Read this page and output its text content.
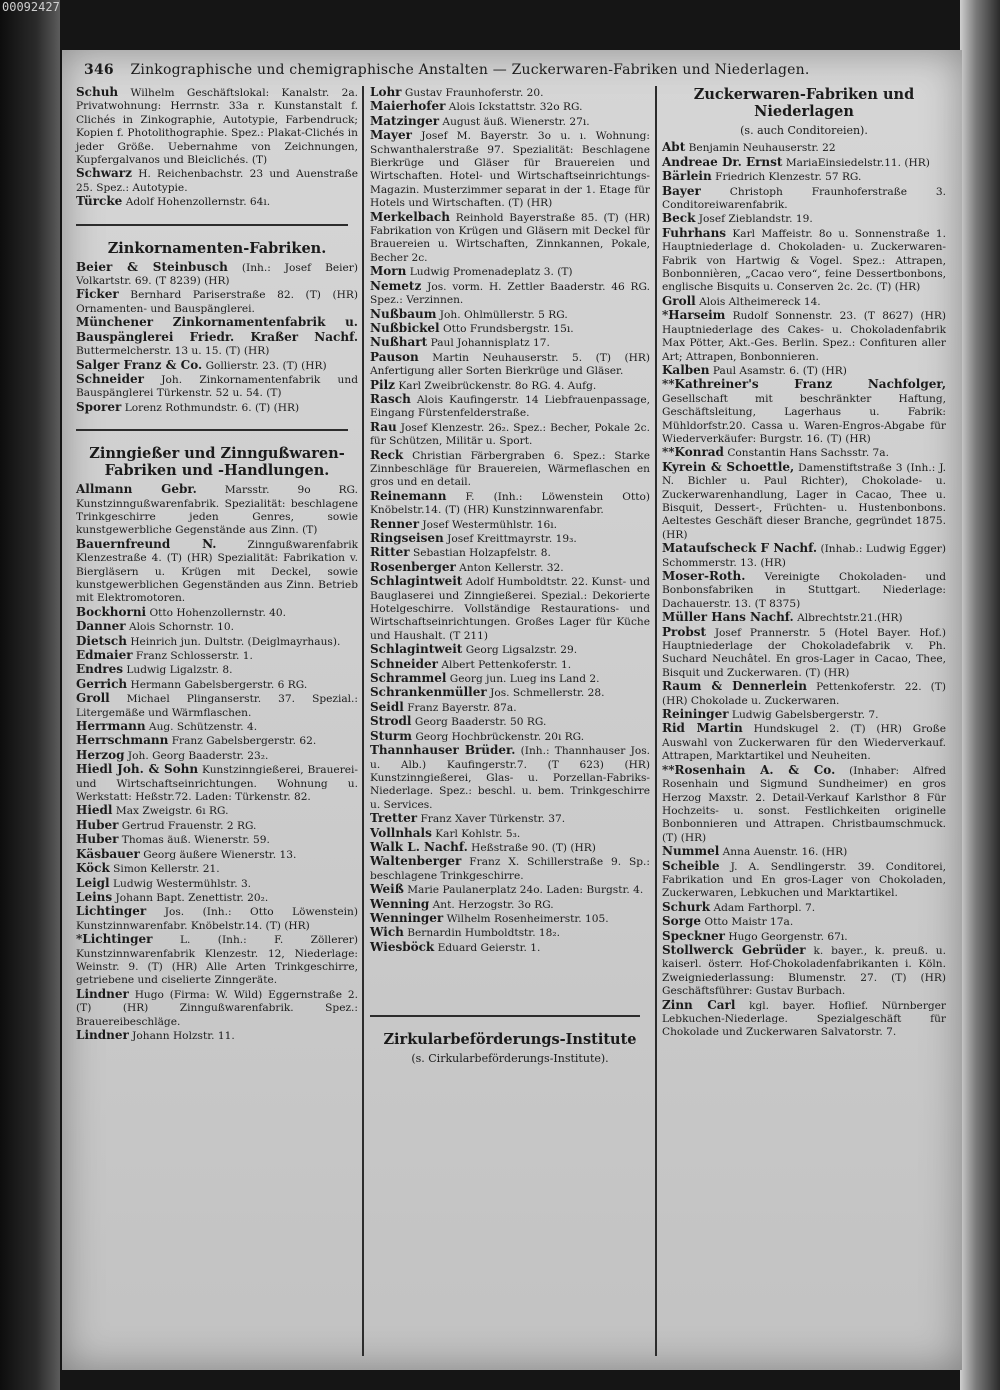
00092427
346 Zinkographische und chemigraphische Anstalten — Zuckerwaren-Fabriken und Niederlagen.

Schuh Wilhelm Geschäftslokal: Kanalstr. 2a. Privatwohnung: Herrnstr. 33a r. Kunstanstalt f. Clichés in Zinkographie, Autotypie, Farbendruck; Kopien f. Photolithographie. Spez.: Plakat-Clichés in jeder Größe. Uebernahme von Zeichnungen, Kupfergalvanos und Bleiclichés. (T)

Schwarz H. Reichenbachstr. 23 und Auenstraße 25. Spez.: Autotypie.

Türcke Adolf Hohenzollernstr. 64ı.

Zinkornamenten-Fabriken.

Beier & Steinbusch (Inh.: Josef Beier) Volkartstr. 69. (T 8239) (HR)

Ficker Bernhard Pariserstraße 82. (T) (HR) Ornamenten- und Bauspänglerei.

Münchener Zinkornamentenfabrik u. Bauspänglerei Friedr. Kraßer Nachf. Buttermelcherstr. 13 u. 15. (T) (HR)

Salger Franz & Co. Gollierstr. 23. (T) (HR)

Schneider Joh. Zinkornamentenfabrik und Bauspänglerei Türkenstr. 52 u. 54. (T)

Sporer Lorenz Rothmundstr. 6. (T) (HR)

Zinngießer und Zinngußwaren-Fabriken und -Handlungen.

Allmann Gebr.	Marsstr. 9o RG. Kunstzinngußwarenfabrik. Spezialität: beschlagene Trinkgeschirre jeden Genres, sowie kunstgewerbliche Gegenstände aus Zinn. (T)

Bauernfreund N.	Zinngußwarenfabrik Klenzestraße 4. (T) (HR) Spezialität: Fabrikation v. Biergläsern u. Krügen mit Deckel, sowie kunstgewerblichen Gegenständen aus Zinn. Betrieb mit Elektromotoren.

Bockhorni Otto Hohenzollernstr. 40.

Danner Alois Schornstr. 10.

Dietsch Heinrich jun. Dultstr. (Deiglmayrhaus).

Edmaier Franz Schlosserstr. 1.

Endres Ludwig Ligalzstr. 8.

Gerrich Hermann Gabelsbergerstr. 6 RG.

Groll Michael Plinganserstr. 37. Spezial.: Litergemäße und Wärmflaschen.

Herrmann Aug. Schützenstr. 4.

Herrschmann Franz Gabelsbergerstr. 62.

Herzog Joh. Georg Baaderstr. 23₂.

Hiedl Joh. & Sohn Kunstzinngießerei, Brauerei- und Wirtschaftseinrichtungen. Wohnung u. Werkstatt: Heßstr.72. Laden: Türkenstr. 82.

Hiedl Max Zweigstr. 6ı RG.

Huber Gertrud Frauenstr. 2 RG.

Huber Thomas äuß. Wienerstr. 59.

Käsbauer Georg äußere Wienerstr. 13.

Köck Simon Kellerstr. 21.

Leigl Ludwig Westermühlstr. 3.

Leins Johann Bapt. Zenettistr. 20₂.

Lichtinger Jos. (Inh.: Otto Löwenstein) Kunstzinnwarenfabr. Knöbelstr.14. (T) (HR)

*Lichtinger	L. (Inh.: F. Zöllerer) Kunstzinnwarenfabrik Klenzestr. 12, Niederlage: Weinstr. 9. (T) (HR) Alle Arten Trinkgeschirre, getriebene und ciselierte Zinngeräte.

Lindner Hugo (Firma: W. Wild) Eggernstraße 2. (T) (HR) Zinngußwarenfabrik. Spez.: Brauereibeschläge.

Lindner Johann Holzstr. 11.

Lohr Gustav Fraunhoferstr. 20.

Maierhofer Alois Ickstattstr. 32o RG.

Matzinger August äuß. Wienerstr. 27ı.

Mayer Josef M. Bayerstr. 3o u. ı. Wohnung: Schwanthalerstraße 97. Spezialität: Beschlagene Bierkrüge und Gläser für Brauereien und Wirtschaften. Hotel- und Wirtschaftseinrichtungs-Magazin. Musterzimmer separat in der 1. Etage für Hotels und Wirtschaften. (T) (HR)

Merkelbach Reinhold Bayerstraße 85. (T) (HR) Fabrikation von Krügen und Gläsern mit Deckel für Brauereien u. Wirtschaften, Zinnkannen, Pokale, Becher 2c.

Morn Ludwig Promenadeplatz 3. (T)

Nemetz Jos. vorm. H. Zettler Baaderstr. 46 RG. Spez.: Verzinnen.

Nußbaum Joh. Ohlmüllerstr. 5 RG.

Nußbickel Otto Frundsbergstr. 15ı.

Nußhart Paul Johannisplatz 17.

Pauson Martin Neuhauserstr. 5. (T) (HR) Anfertigung aller Sorten Bierkrüge und Gläser.

Pilz Karl Zweibrückenstr. 8o RG. 4. Aufg.

Rasch Alois Kaufingerstr. 14 Liebfrauenpassage, Eingang Fürstenfelderstraße.

Rau Josef Klenzestr. 26₂. Spez.: Becher, Pokale 2c. für Schützen, Militär u. Sport.

Reck Christian Färbergraben 6. Spez.: Starke Zinnbeschläge für Brauereien, Wärmeflaschen en gros und en detail.

Reinemann F. (Inh.: Löwenstein Otto) Knöbelstr.14. (T) (HR) Kunstzinnwarenfabr.

Renner Josef Westermühlstr. 16ı.

Ringseisen Josef Kreittmayrstr. 19₃.

Ritter Sebastian Holzapfelstr. 8.

Rosenberger Anton Kellerstr. 32.

Schlagintweit Adolf Humboldtstr. 22. Kunst- und Bauglaserei und Zinngießerei. Spezial.: Dekorierte Hotelgeschirre. Vollständige Restaurations- und Wirtschaftseinrichtungen. Großes Lager für Küche und Haushalt. (T 211)

Schlagintweit Georg Ligsalzstr. 29.

Schneider Albert Pettenkoferstr. 1.

Schrammel Georg jun. Lueg ins Land 2.

Schrankenmüller Jos. Schmellerstr. 28.

Seidl Franz Bayerstr. 87a.

Strodl Georg Baaderstr. 50 RG.

Sturm Georg Hochbrückenstr. 20ı RG.

Thannhauser Brüder. (Inh.: Thannhauser Jos. u. Alb.) Kaufingerstr.7. (T 623) (HR) Kunstzinngießerei, Glas- u. Porzellan-Fabriks-Niederlage. Spez.: beschl. u. bem. Trinkgeschirre u. Services.

Tretter Franz Xaver Türkenstr. 37.

Vollnhals Karl Kohlstr. 5₃.

Walk L. Nachf. Heßstraße 90. (T) (HR)

Waltenberger Franz X. Schillerstraße 9. Sp.: beschlagene Trinkgeschirre.

Weiß Marie Paulanerplatz 24o. Laden: Burgstr. 4.

Wenning Ant. Herzogstr. 3o RG.

Wenninger Wilhelm Rosenheimerstr. 105.

Wich Bernardin Humboldtstr. 18₂.

Wiesböck Eduard Geierstr. 1.

Zirkularbeförderungs-Institute
(s. Cirkularbeförderungs-Institute).
Zuckerwaren-Fabriken und Niederlagen
(s. auch Conditoreien).

Abt Benjamin Neuhauserstr. 22

Andreae Dr. Ernst MariaEinsiedelstr.11. (HR)

Bärlein Friedrich Klenzestr. 57 RG.

Bayer	Christoph Fraunhoferstraße 3. Conditoreiwarenfabrik.

Beck Josef Zieblandstr. 19.

Fuhrhans Karl Maffeistr. 8o u. Sonnenstraße 1. Hauptniederlage d. Chokoladen- u. Zuckerwaren-Fabrik von Hartwig & Vogel. Spez.: Attrapen, Bonbonnièren, „Cacao vero“, feine Dessertbonbons, englische Bisquits u. Conserven 2c. 2c. (T) (HR)

Groll Alois Altheimereck 14.

*Harseim Rudolf Sonnenstr. 23. (T 8627) (HR) Hauptniederlage des Cakes- u. Chokoladenfabrik Max Pötter, Akt.-Ges. Berlin. Spez.: Confituren aller Art; Attrapen, Bonbonnieren.

Kalben Paul Asamstr. 6. (T) (HR)

**Kathreiner's Franz Nachfolger, Gesellschaft mit beschränkter Haftung, Geschäftsleitung, Lagerhaus u. Fabrik: Mühldorfstr.20. Cassa u. Waren-Engros-Abgabe für Wiederverkäufer: Burgstr. 16. (T) (HR)

**Konrad Constantin Hans Sachsstr. 7a.

Kyrein & Schoettle, Damenstiftstraße 3 (Inh.: J. N. Bichler u. Paul Richter), Chokolade- u. Zuckerwarenhandlung, Lager in Cacao, Thee u. Bisquit, Dessert-, Früchten- u. Hustenbonbons. Aeltestes Geschäft dieser Branche, gegründet 1875. (HR)

Mataufscheck F Nachf. (Inhab.: Ludwig Egger) Schommerstr. 13. (HR)

Moser-Roth. Vereinigte Chokoladen- und Bonbonsfabriken in Stuttgart. Niederlage: Dachauerstr. 13. (T 8375)

Müller Hans Nachf. Albrechtstr.21.(HR)

Probst Josef Prannerstr. 5 (Hotel Bayer. Hof.) Hauptniederlage der Chokoladefabrik v. Ph. Suchard Neuchâtel. En gros-Lager in Cacao, Thee, Bisquit und Zuckerwaren. (T) (HR)

Raum & Dennerlein Pettenkoferstr. 22. (T) (HR) Chokolade u. Zuckerwaren.

Reininger Ludwig Gabelsbergerstr. 7.

Rid Martin Hundskugel 2. (T) (HR) Große Auswahl von Zuckerwaren für den Wiederverkauf. Attrapen, Marktartikel und Neuheiten.

**Rosenhain A. & Co. (Inhaber: Alfred Rosenhain und Sigmund Sundheimer) en gros Herzog Maxstr. 2. Detail-Verkauf Karlsthor 8 Für Hochzeits- u. sonst. Festlichkeiten originelle Bonbonnieren und Attrapen. Christbaumschmuck. (T) (HR)

Nummel Anna Auenstr. 16. (HR)

Scheible J. A. Sendlingerstr. 39. Conditorei, Fabrikation und En gros-Lager von Chokoladen, Zuckerwaren, Lebkuchen und Marktartikel.

Schurk Adam Farthorpl. 7.

Sorge Otto Maistr 17a.

Speckner Hugo Georgenstr. 67ı.

Stollwerck Gebrüder k. bayer., k. preuß. u. kaiserl. österr. Hof-Chokoladenfabrikanten i. Köln. Zweigniederlassung: Blumenstr. 27. (T) (HR) Geschäftsführer: Gustav Burbach.

Zinn Carl kgl. bayer. Hoflief. Nürnberger Lebkuchen-Niederlage. Spezialgeschäft für Chokolade und Zuckerwaren Salvatorstr. 7.
